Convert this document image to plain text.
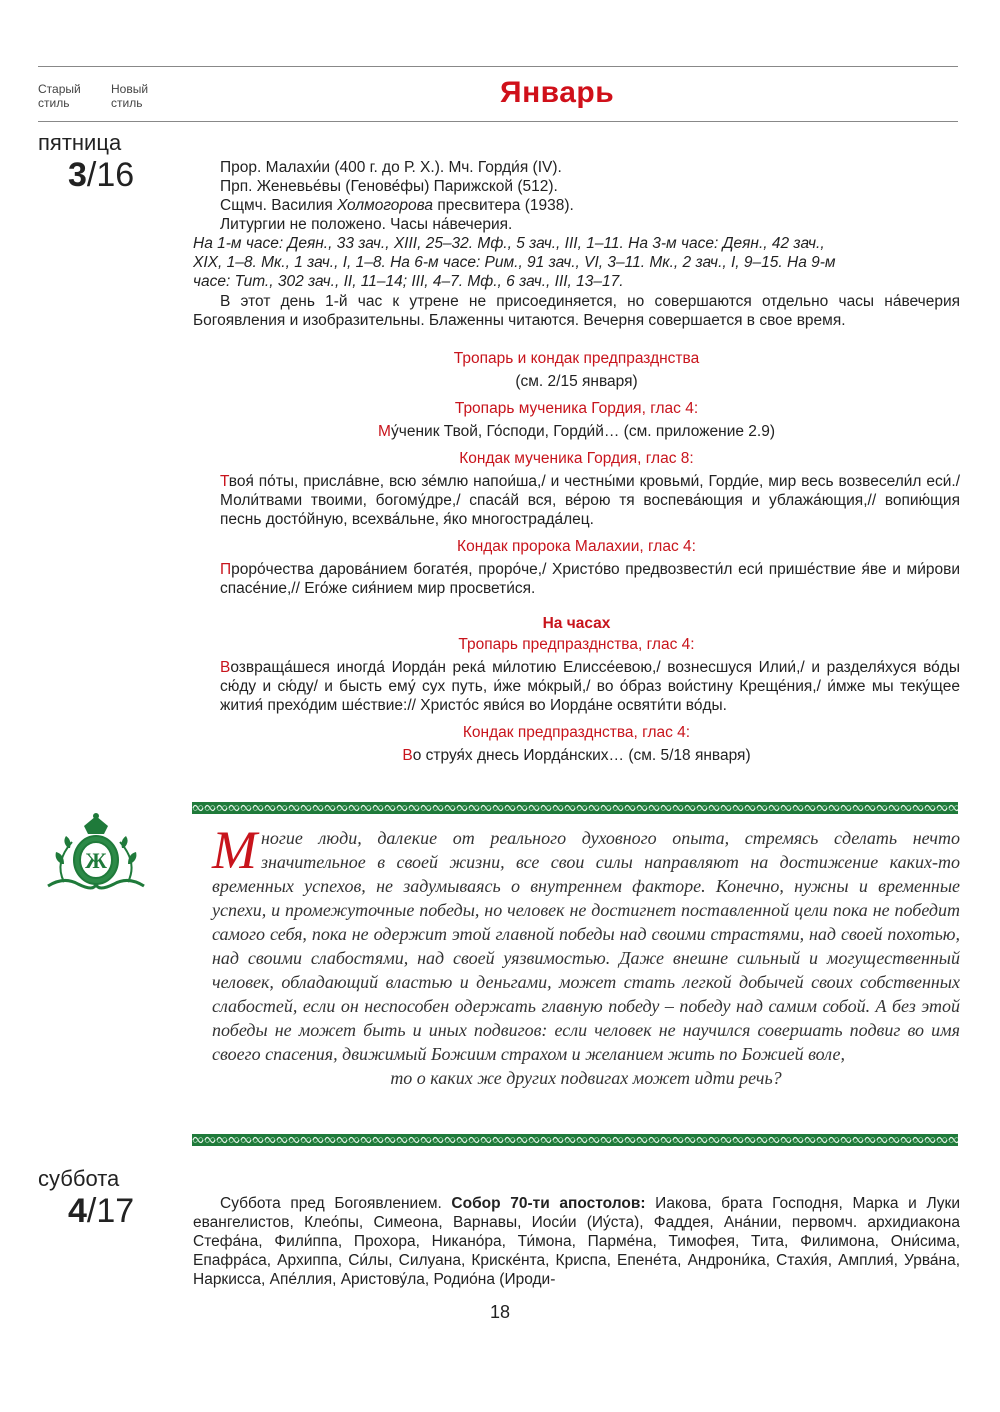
Старый
стиль
Новый
стиль	Январь
пятница
3/16	Прор. Малахи́и (400 г. до Р. Х.). Мч. Горди́я (IV).
Прп. Женевье́вы (Генове́фы) Парижской (512).
Сщмч. Василия Холмогорова пресвитера (1938).
Литургии не положено. Часы на́вечерия.
На 1-м часе: Деян., 33 зач., XIII, 25–32. Мф., 5 зач., III, 1–11. На 3-м часе: Деян., 42 зач.,
XIX, 1–8. Мк., 1 зач., I, 1–8. На 6-м часе: Рим., 91 зач., VI, 3–11. Мк., 2 зач., I, 9–15. На 9-м
часе: Тит., 302 зач., II, 11–14; III, 4–7. Мф., 6 зач., III, 13–17.
В этот день 1-й час к утрене не присоединяется, но совершаются отдельно часы на́вечерия Богоявления и изобразительны. Блаженны читаются. Вечерня совершается в свое время.
Тропарь и кондак предпразднства
(см. 2/15 января)
Тропарь мученика Гордия, глас 4:
Му́ченик Твой, Го́споди, Горди́й… (см. приложение 2.9)
Кондак мученика Гордия, глас 8:
Твоя́ по́ты, присла́вне, всю зе́млю напои́ша,/ и честны́ми кровьми́, Горди́е, мир весь возвесели́л еси́./ Моли́твами твоими, богому́дре,/ спаса́й вся, ве́рою тя воспева́ющия и ублажа́ющия,// вопию́щия песнь досто́йную, всехва́льне, я́ко многострада́лец.
Кондак пророка Малахии, глас 4:
Проро́чества дарова́нием богате́я, проро́че,/ Христо́во предвозвести́л еси́ прише́ствие я́ве и ми́рови спасе́ние,// Его́же сия́нием мир просвети́ся.
На часах
Тропарь предпразднства, глас 4:
Возвраща́шеся иногда́ Иорда́н река́ ми́лотию Елиссе́евою,/ вознесшуся Илии́,/ и разделя́хуся во́ды сю́ду и сю́ду/ и бысть ему́ сух путь, и́же мо́крый,/ во о́браз вои́стину Креще́ния,/ и́мже мы теку́щее жития́ прехо́дим ше́ствие:// Христо́с яви́ся во Иорда́не освяти́ти во́ды.
Кондак предпразднства, глас 4:
Во струя́х днесь Иорда́нских… (см. 5/18 января)
Ж Многие люди, далекие от реального духовного опыта, стремясь сделать нечто значительное в своей жизни, все свои силы направляют на достижение каких-то временных успехов, не задумываясь о внутреннем факторе. Конечно, нужны и временные успехи, и промежуточные победы, но человек не достигнет поставленной цели пока не победит самого себя, пока не одержит этой главной победы над своими страстями, над своей похотью, над своими слабостями, над своей уязвимостью. Даже внешне сильный и могущественный человек, обладающий властью и деньгами, может стать легкой добычей своих собственных слабостей, если он неспособен одержать главную победу – победу над самим собой. А без этой победы не может быть и иных подвигов: если человек не научился совершать подвиг во имя своего спасения, движимый Божиим страхом и желанием жить по Божией воле,
то о каких же других подвигах может идти речь?
суббота
4/17	Суббота пред Богоявлением. Собор 70-ти апостолов: Иакова, брата Господня, Марка и Луки евангелистов, Клео́пы, Симеона, Варнавы, Иоси́и (Иу́ста), Фаддея, Ана́нии, первомч. архидиакона Стефа́на, Фили́ппа, Прохора, Никано́ра, Ти́мона, Парме́на, Тимофея, Тита, Филимона, Они́сима, Епафра́са, Архиппа, Си́лы, Силуана, Криске́нта, Криспа, Епене́та, Андрони́ка, Стахи́я, Амплия́, Урва́на, Наркисса, Апе́ллия, Аристову́ла, Родио́на (Ироди-
18
